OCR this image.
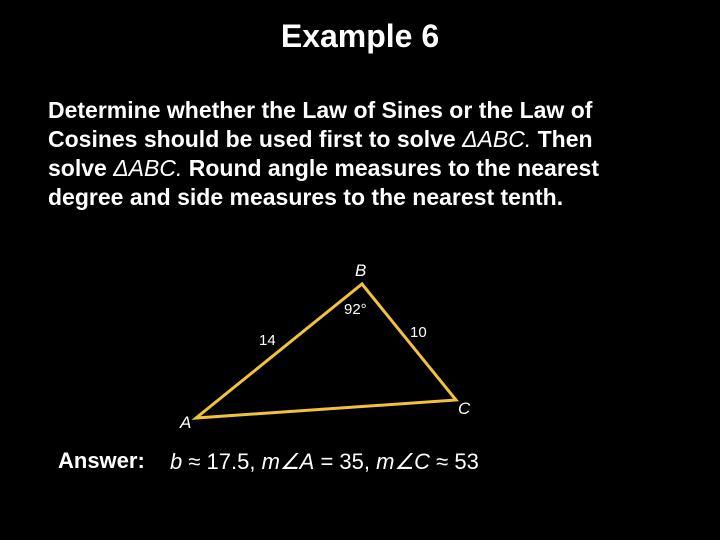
Example 6
Determine whether the Law of Sines or the Law of
Cosines should be used first to solve ΔABC. Then
solve ΔABC. Round angle measures to the nearest
degree and side measures to the nearest tenth.
B
92°
14	10
C
A
Answer: b ≈ 17.5, m∠A = 35, m∠C ≈ 53
